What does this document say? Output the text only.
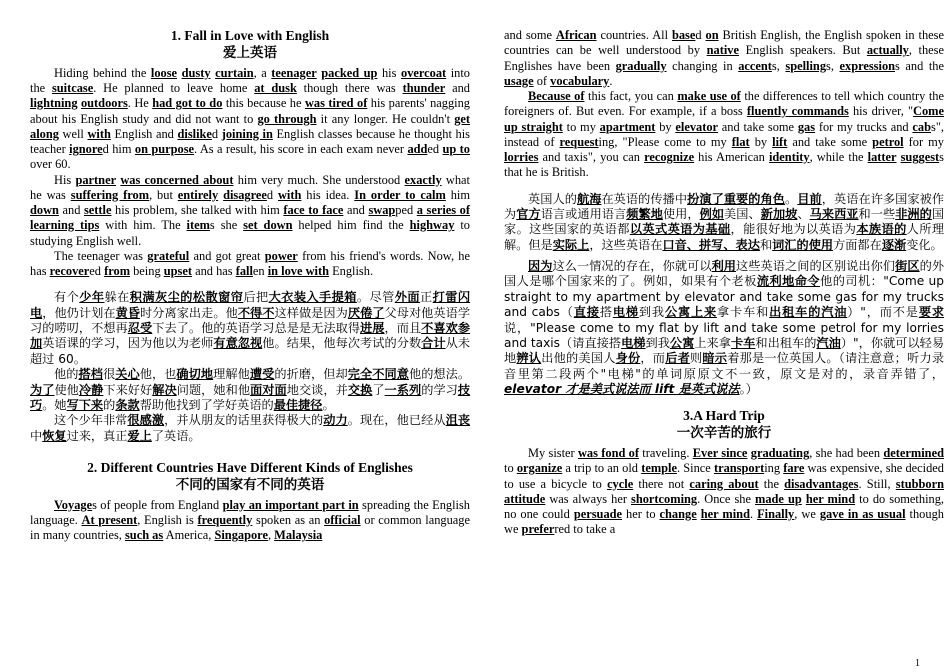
1. Fall in Love with English
爱上英语

Hiding behind the loose dusty curtain, a teenager packed up his overcoat into the suitcase. He planned to leave home at dusk though there was thunder and lightning outdoors. He had got to do this because he was tired of his parents' nagging about his English study and did not want to go through it any longer. He couldn't get along well with English and disliked joining in English classes because he thought his teacher ignored him on purpose. As a result, his score in each exam never added up to over 60.

His partner was concerned about him very much. She understood exactly what he was suffering from, but entirely disagreed with his idea. In order to calm him down and settle his problem, she talked with him face to face and swapped a series of learning tips with him. The items she set down helped him find the highway to studying English well.

The teenager was grateful and got great power from his friend's words. Now, he has recovered from being upset and has fallen in love with English.

有个少年躲在积满灰尘的松散窗帘后把大衣装入手提箱。尽管外面正打雷闪电，他仍计划在黄昏时分离家出走。他不得不这样做是因为厌倦了父母对他英语学习的唠叨，不想再忍受下去了。他的英语学习总是是无法取得进展，而且不喜欢参加英语课的学习，因为他以为老师有意忽视他。结果，他每次考试的分数合计从未超过 60。

他的搭档很关心他，也确切地理解他遭受的折磨，但却完全不同意他的想法。为了使他冷静下来好好解决问题，她和他面对面地交谈，并交换了一系列的学习技巧。她写下来的条款帮助他找到了学好英语的最佳捷径。

这个少年非常很感激，并从朋友的话里获得极大的动力。现在，他已经从沮丧中恢复过来，真正爱上了英语。

2. Different Countries Have Different Kinds of Englishes
不同的国家有不同的英语

Voyages of people from England play an important part in spreading the English language. At present, English is frequently spoken as an official or common language in many countries, such as America, Singapore, Malaysia

and some African countries. All based on British English, the English spoken in these countries can be well understood by native English speakers. But actually, these Englishes have been gradually changing in accents, spellings, expressions and the usage of vocabulary.

Because of this fact, you can make use of the differences to tell which country the foreigners of. But even. For example, if a boss fluently commands his driver, "Come up straight to my apartment by elevator and take some gas for my trucks and cabs", instead of requesting, "Please come to my flat by lift and take some petrol for my lorries and taxis", you can recognize his American identity, while the latter suggests that he is British.

英国人的航海在英语的传播中扮演了重要的角色。目前，英语在许多国家被作为官方语言或通用语言频繁地使用，例如美国、新加坡、马来西亚和一些非洲的国家。这些国家的英语都以英式英语为基础，能很好地为以英语为本族语的人所理解。但是实际上，这些英语在口音、拼写、表达和词汇的使用方面都在逐渐变化。

因为这么一情况的存在，你就可以利用这些英语之间的区别说出你们街区的外国人是哪个国家来的了。例如，如果有个老板流利地命令他的司机："Come up straight to my apartment by elevator and take some gas for my trucks and cabs（直接搭电梯到我公寓上来拿卡车和出租车的汽油）"，而不是要求说，"Please come to my flat by lift and take some petrol for my lorries and taxis（请直接搭电梯到我公寓上来拿卡车和出租车的汽油）"，你就可以轻易地辨认出他的美国人身份，而后者则暗示着那是一位英国人。（请注意意；听力录音里第二段两个"电梯"的单词原原文不一致，原文是对的，录音弄错了，elevator 才是美式说法而 lift 是英式说法。）

3.A Hard Trip
一次辛苦的旅行

My sister was fond of traveling. Ever since graduating, she had been determined to organize a trip to an old temple. Since transporting fare was expensive, she decided to use a bicycle to cycle there not caring about the disadvantages. Still, stubborn attitude was always her shortcoming. Once she made up her mind to do something, no one could persuade her to change her mind. Finally, we gave in as usual though we preferred to take a

1
